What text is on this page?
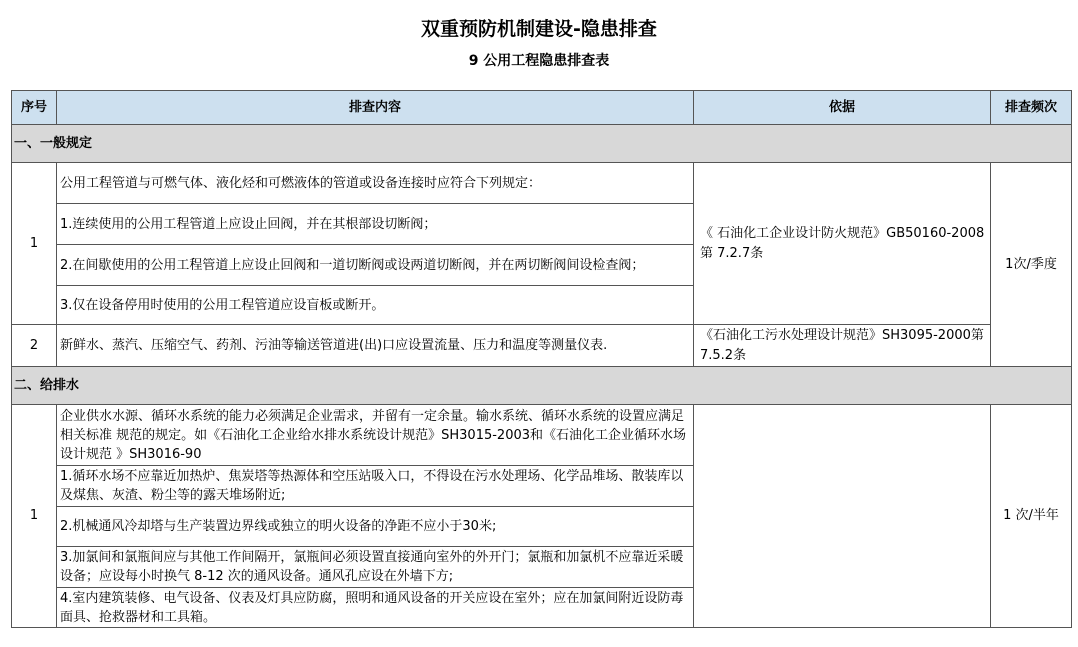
双重预防机制建设-隐患排查
9 公用工程隐患排查表
序号	排查内容	依据	排查频次
一、一般规定			
1	公用工程管道与可燃气体、液化烃和可燃液体的管道或设备连接时应符合下列规定：	《 石油化工企业设计防火规范》GB50160-2008 第 7.2.7条	1次/季度
	1.连续使用的公用工程管道上应设止回阀，并在其根部设切断阀；		
	2.在间歇使用的公用工程管道上应设止回阀和一道切断阀或设两道切断阀，并在两切断阀间设检查阀；		
	3.仅在设备停用时使用的公用工程管道应设盲板或断开。		
2	新鲜水、蒸汽、压缩空气、药剂、污油等输送管道进(出)口应设置流量、压力和温度等测量仪表.	《石油化工污水处理设计规范》SH3095-2000第 7.5.2条	
二、给排水			
1	企业供水水源、循环水系统的能力必须满足企业需求，并留有一定余量。输水系统、循环水系统的设置应满足相关标准 规范的规定。如《石油化工企业给水排水系统设计规范》SH3015-2003和《石油化工企业循环水场设计规范 》SH3016-90		1 次/半年
	1.循环水场不应靠近加热炉、焦炭塔等热源体和空压站吸入口，不得设在污水处理场、化学品堆场、散装库以及煤焦、灰渣、粉尘等的露天堆场附近;		
	2.机械通风冷却塔与生产装置边界线或独立的明火设备的净距不应小于30米;		
	3.加氯间和氯瓶间应与其他工作间隔开，氯瓶间必须设置直接通向室外的外开门；氯瓶和加氯机不应靠近采暖设备；应设每小时换气 8-12 次的通风设备。通风孔应设在外墙下方;		
	4.室内建筑装修、电气设备、仪表及灯具应防腐，照明和通风设备的开关应设在室外；应在加氯间附近设防毒面具、抢救器材和工具箱。		
